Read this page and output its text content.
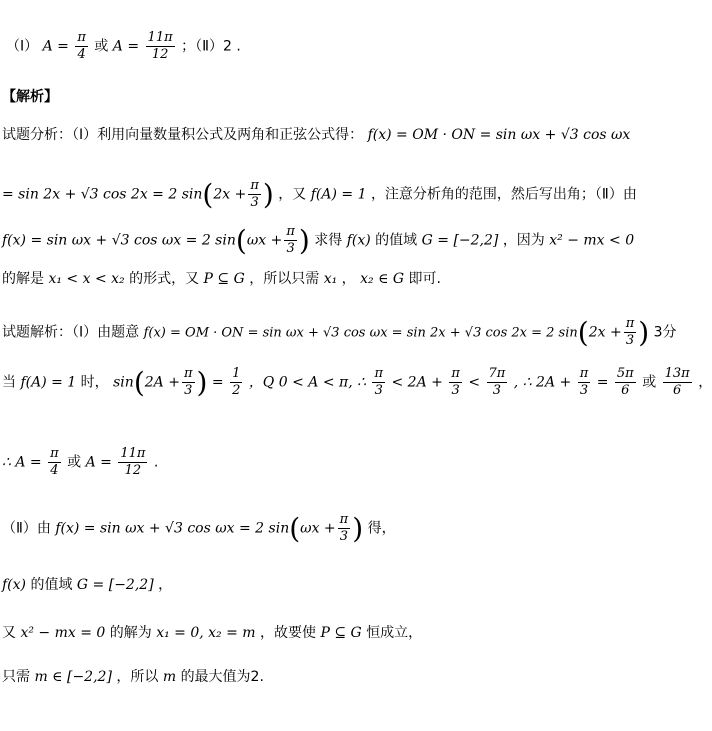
（Ⅰ） $A = \frac{\pi}{4}$ 或 $A = \frac{11\pi}{12}$ ；（Ⅱ）2 .
【解析】
试题分析：（Ⅰ）利用向量数量积公式及两角和正弦公式得： f(x) = OM · ON = sin ωx + √3 cos ωx
= sin 2x + √3 cos 2x = 2 $\sin(2x + \frac{\pi}{3}$ ) ，又 f(A) = 1 ，注意分析角的范围，然后写出角；（Ⅱ）由
f(x) = sin ωx + √3 cos ωx = 2 $\sin(\omega x + \frac{\pi}{3}$ ) 求得 f(x) 的值域 G = [−2,2] ，因为 x² − mx < 0
的解是 x₁ < x < x₂ 的形式，又 P ⊆ G ，所以只需 x₁ ， x₂ ∈ G 即可.
试题解析：（Ⅰ）由题意 f(x) = OM · ON = sin ωx + √3 cos ωx = sin 2x + √3 cos 2x = 2 $\sin(2x + \frac{\pi}{3}$ ) 3分
当 f(A) = 1 时， $\sin(2A + \frac{\pi}{3}$ ) = $\frac{1}{2}$ ，Q 0 < A < π, ∴ $\frac{\pi}{3} < 2A + \frac{\pi}{3} < \frac{7\pi}{3}$ , ∴ $2A + \frac{\pi}{3} = \frac{5\pi}{6}$ 或 $\frac{13\pi}{6}$ ，
∴ $A = \frac{\pi}{4}$ 或 $A = \frac{11\pi}{12}$ .
（Ⅱ）由 f(x) = sin ωx + √3 cos ωx = 2 $\sin(\omega x + \frac{\pi}{3}$ ) 得，
f(x) 的值域 G = [−2,2] ，
又 x² − mx = 0 的解为 x₁ = 0, x₂ = m ，故要使 P ⊆ G 恒成立，
只需 m ∈ [−2,2] ，所以 m 的最大值为2.
